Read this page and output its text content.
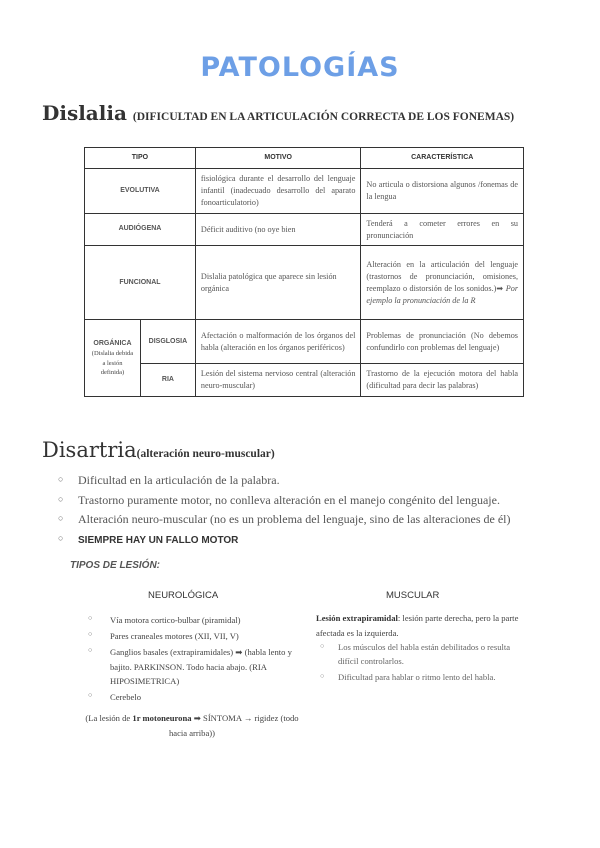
PATOLOGÍAS
Dislalia (DIFICULTAD EN LA ARTICULACIÓN CORRECTA DE LOS FONEMAS)
TIPO		MOTIVO	CARACTERÍSTICA
EVOLUTIVA		fisiológica durante el desarrollo del lenguaje infantil (inadecuado desarrollo del aparato fonoarticulatorio)	No articula o distorsiona algunos /fonemas de la lengua
AUDIÓGENA		Déficit auditivo (no oye bien	Tenderá a cometer errores en su pronunciación
FUNCIONAL		Dislalia patológica que aparece sin lesión orgánica	Alteración en la articulación del lenguaje (trastornos de pronunciación, omisiones, reemplazo o distorsión de los sonidos.)➡ Por ejemplo la pronunciación de la R
ORGÁNICA
(Dislalia debida a lesión definida)	DISGLOSIA	Afectación o malformación de los órganos del habla (alteración en los órganos periféricos)	Problemas de pronunciación (No debemos confundirlo con problemas del lenguaje)
	RIA	Lesión del sistema nervioso central (alteración neuro-muscular)	Trastorno de la ejecución motora del habla (dificultad para decir las palabras)
Disartria(alteración neuro-muscular)
○ Dificultad en la articulación de la palabra.
○ Trastorno puramente motor, no conlleva alteración en el manejo congénito del lenguaje.
○ Alteración neuro-muscular (no es un problema del lenguaje, sino de las alteraciones de él)
○ SIEMPRE HAY UN FALLO MOTOR

TIPOS DE LESIÓN:

NEUROLÓGICA	MUSCULAR

○ Vía motora cortico-bulbar (piramidal)
○ Pares craneales motores (XII, VII, V)
○ Ganglios basales (extrapiramidales) ➡ (habla lento y bajito. PARKINSON. Todo hacia abajo. (RIA HIPOSIMETRICA)
○ Cerebelo

(La lesión de 1r motoneurona ➡ SÍNTOMA → rigidez (todo hacia arriba))

Lesión extrapiramidal: lesión parte derecha, pero la parte afectada es la izquierda.

○ Los músculos del habla están debilitados o resulta difícil controlarlos.
○ Dificultad para hablar o ritmo lento del habla.
